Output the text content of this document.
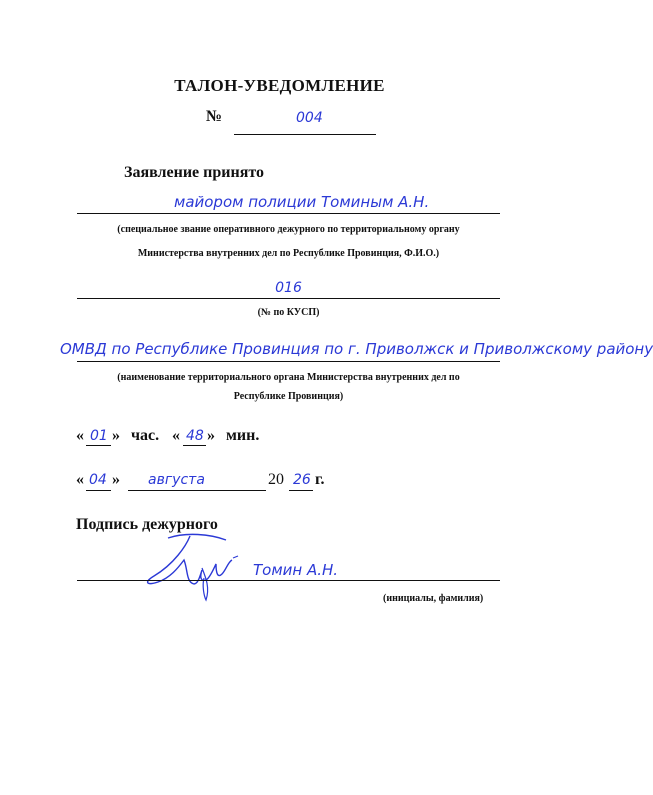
ТАЛОН-УВЕДОМЛЕНИЕ
№	004
Заявление принято
майором полиции Томиным А.Н.
(специальное звание оперативного дежурного по территориальному органу
Министерства внутренних дел по Республике Провинция, Ф.И.О.)
016
(№ по КУСП)
ОМВД по Республике Провинция по г. Приволжск и Приволжскому району
(наименование территориального органа Министерства внутренних дел по
Республике Провинция)
« 01 » час. « 48 » мин.
« 04 » августа	20 26 г.
Подпись дежурного
Томин А.Н.
(инициалы, фамилия)
